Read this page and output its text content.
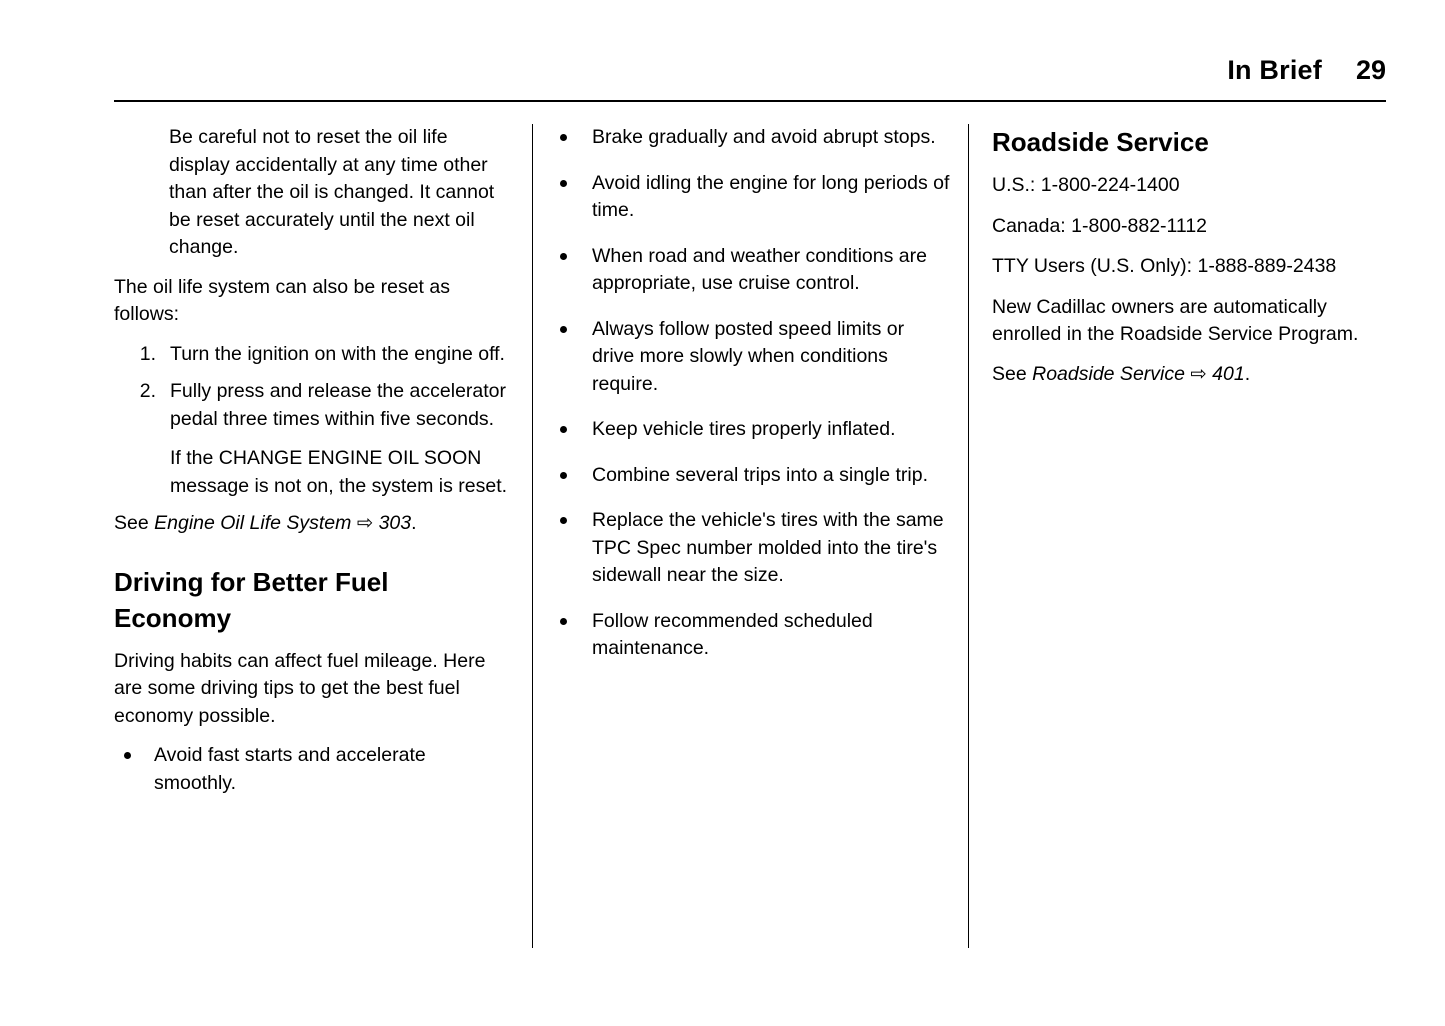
In Brief 29
Be careful not to reset the oil life display accidentally at any time other than after the oil is changed. It cannot be reset accurately until the next oil change.

The oil life system can also be reset as follows:

1. Turn the ignition on with the engine off.
2. Fully press and release the accelerator pedal three times within five seconds.
If the CHANGE ENGINE OIL SOON message is not on, the system is reset.

See Engine Oil Life System ⇨ 303.

Driving for Better Fuel Economy

Driving habits can affect fuel mileage. Here are some driving tips to get the best fuel economy possible.

Avoid fast starts and accelerate smoothly.
Brake gradually and avoid abrupt stops.
Avoid idling the engine for long periods of time.
When road and weather conditions are appropriate, use cruise control.
Always follow posted speed limits or drive more slowly when conditions require.
Keep vehicle tires properly inflated.
Combine several trips into a single trip.
Replace the vehicle's tires with the same TPC Spec number molded into the tire's sidewall near the size.
Follow recommended scheduled maintenance.
Roadside Service
U.S.: 1-800-224-1400
Canada: 1-800-882-1112
TTY Users (U.S. Only): 1-888-889-2438

New Cadillac owners are automatically enrolled in the Roadside Service Program.

See Roadside Service ⇨ 401.
